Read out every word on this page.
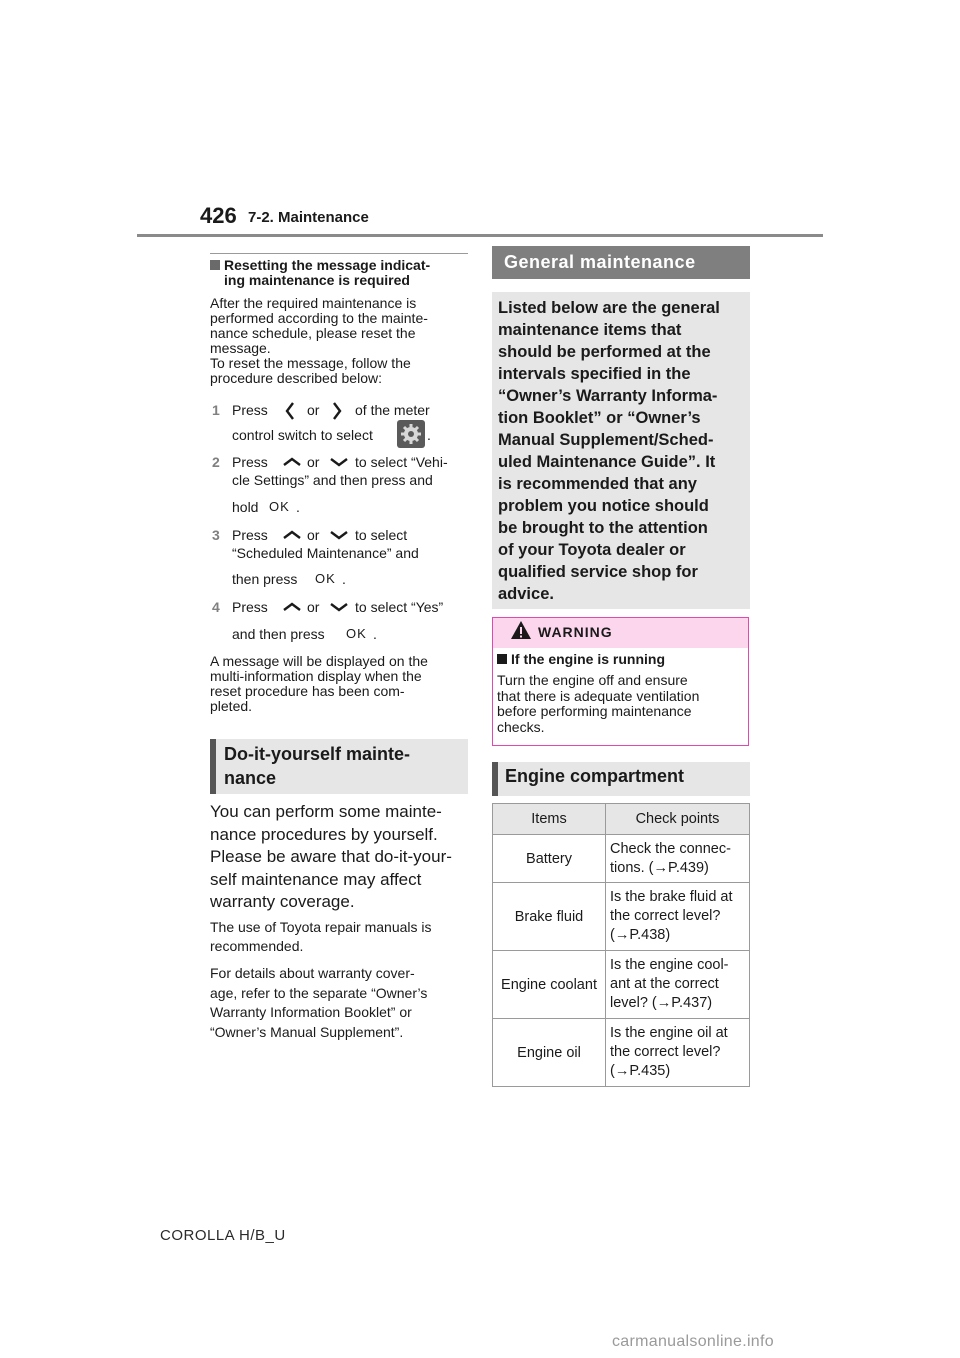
426 7-2. Maintenance
Resetting the message indicat-
ing maintenance is required
After the required maintenance is
performed according to the mainte-
nance schedule, please reset the
message.
To reset the message, follow the
procedure described below:
1 Press	or	of the meter
control switch to select	.
2 Press	or	to select “Vehi-
cle Settings” and then press and
hold OK .
3 Press	or	to select
“Scheduled Maintenance” and
then press OK .
4 Press	or	to select “Yes”
and then press OK .
A message will be displayed on the
multi-information display when the
reset procedure has been com-
pleted.
Do-it-yourself mainte-
nance
You can perform some mainte-
nance procedures by yourself.
Please be aware that do-it-your-
self maintenance may affect
warranty coverage.
The use of Toyota repair manuals is
recommended.
For details about warranty cover-
age, refer to the separate “Owner’s
Warranty Information Booklet” or
“Owner’s Manual Supplement”.
General maintenance
Listed below are the general
maintenance items that
should be performed at the
intervals specified in the
“Owner’s Warranty Informa-
tion Booklet” or “Owner’s
Manual Supplement/Sched-
uled Maintenance Guide”. It
is recommended that any
problem you notice should
be brought to the attention
of your Toyota dealer or
qualified service shop for
advice.
WARNING
If the engine is running
Turn the engine off and ensure
that there is adequate ventilation
before performing maintenance
checks.
Engine compartment
Items	Check points
Battery	Check the connec-
tions. (→P.439)

Brake fluid	Is the brake fluid at
the correct level?
(→P.438)

Engine coolant	Is the engine cool-
ant at the correct
level? (→P.437)

Engine oil	Is the engine oil at
the correct level?
(→P.435)
COROLLA H/B_U
carmanualsonline.info
